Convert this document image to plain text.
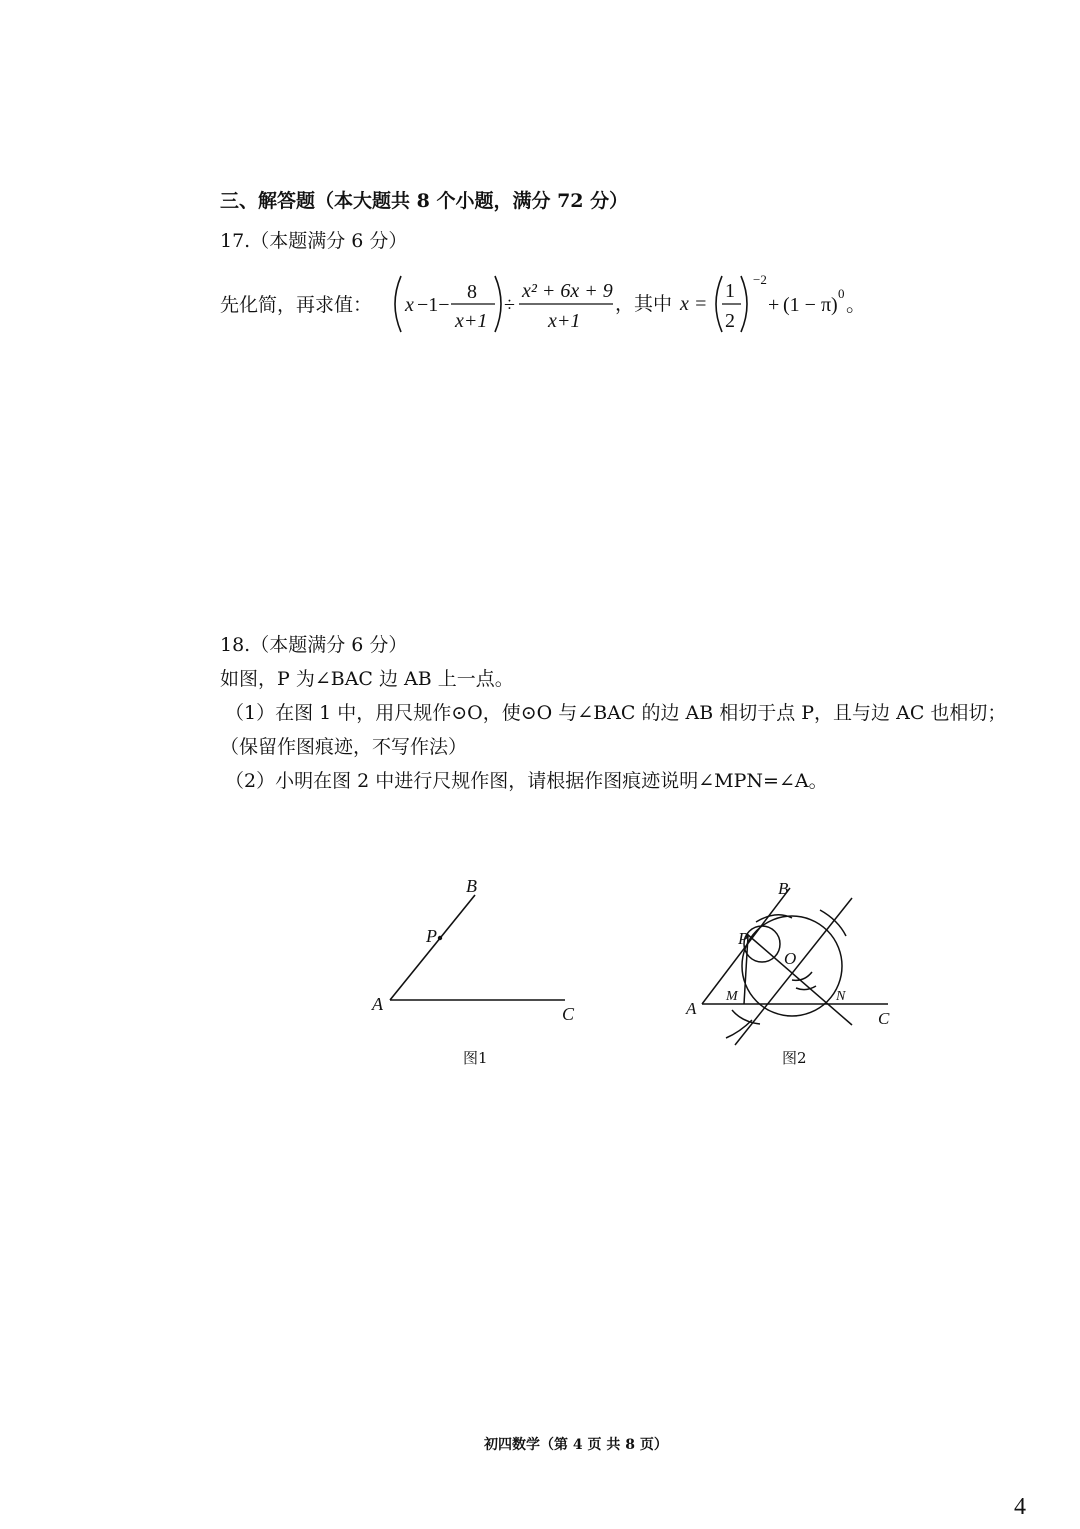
三、解答题（本大题共 8 个小题，满分 72 分）
17.（本题满分 6 分）
先化简，再求值： x −1−
8
x+1
÷
x² + 6x + 9
x+1
，其中 x =
1
2
−2
+ (1 − π)
0
。
18.（本题满分 6 分）
如图，P 为∠BAC 边 AB 上一点。
（1）在图 1 中，用尺规作⊙O，使⊙O 与∠BAC 的边 AB 相切于点 P，且与边 AC 也相切；
（保留作图痕迹，不写作法）
（2）小明在图 2 中进行尺规作图，请根据作图痕迹说明∠MPN=∠A。
A
B
C
P
图1
A
B
C
P
O
M	N
图2
初四数学（第 4 页 共 8 页）
4
